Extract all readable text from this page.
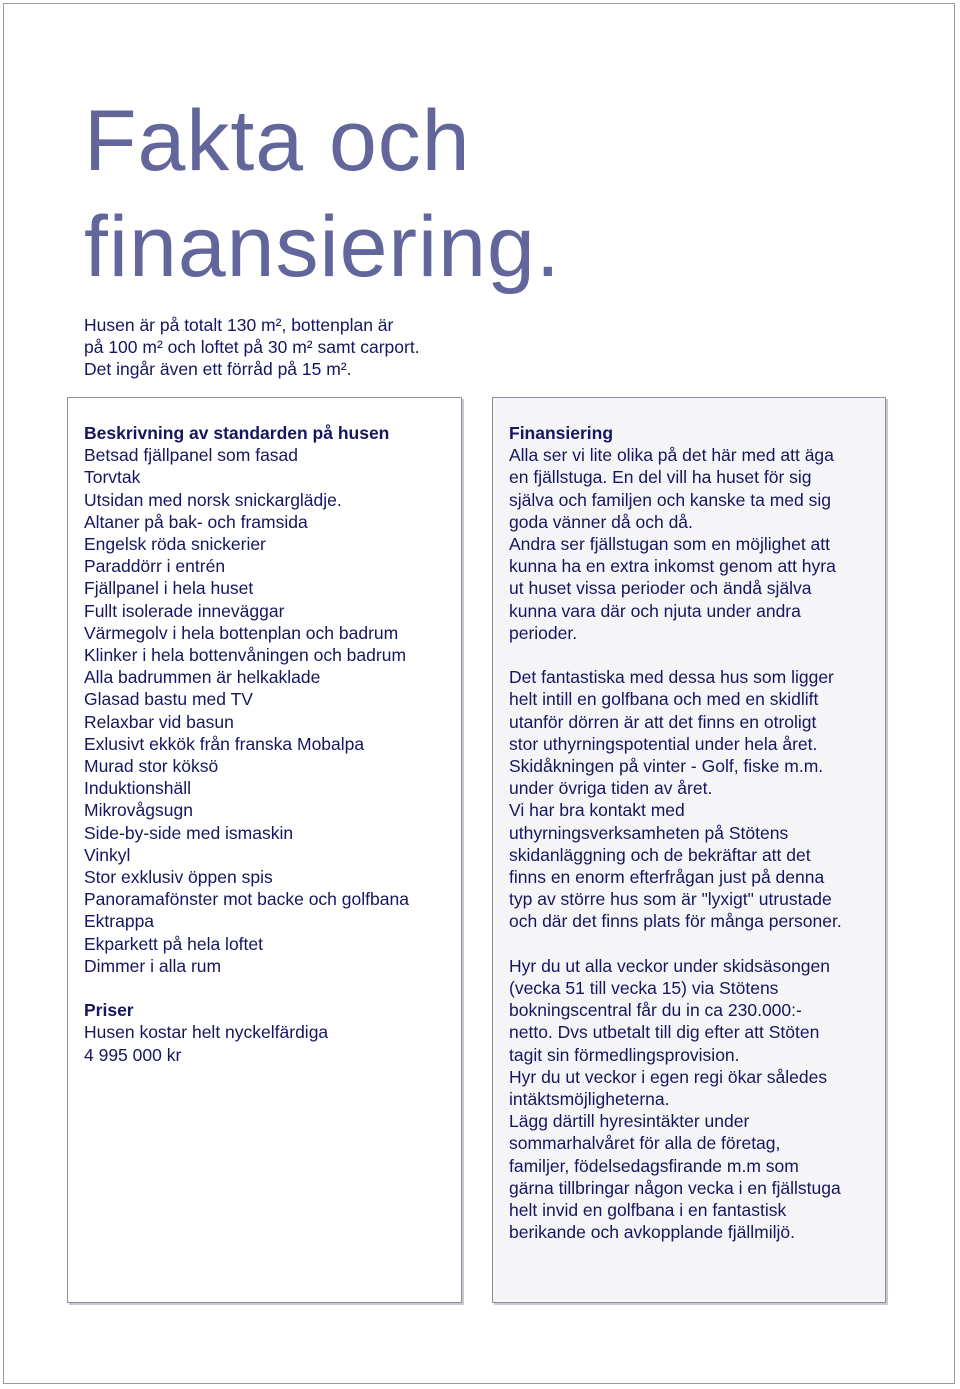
Fakta och
finansiering.
Husen är på totalt 130 m², bottenplan är
på 100 m² och loftet på 30 m² samt carport.
Det ingår även ett förråd på 15 m².
Beskrivning av standarden på husen
Betsad fjällpanel som fasad
Torvtak
Utsidan med norsk snickarglädje.
Altaner på bak- och framsida
Engelsk röda snickerier
Paraddörr i entrén
Fjällpanel i hela huset
Fullt isolerade inneväggar
Värmegolv i hela bottenplan och badrum
Klinker i hela bottenvåningen och badrum
Alla badrummen är helkaklade
Glasad bastu med TV
Relaxbar vid basun
Exlusivt ekkök från franska Mobalpa
Murad stor köksö
Induktionshäll
Mikrovågsugn
Side-by-side med ismaskin
Vinkyl
Stor exklusiv öppen spis
Panoramafönster mot backe och golfbana
Ektrappa
Ekparkett på hela loftet
Dimmer i alla rum
Priser
Husen kostar helt nyckelfärdiga
4 995 000 kr
Finansiering
Alla ser vi lite olika på det här med att äga
en fjällstuga. En del vill ha huset för sig
själva och familjen och kanske ta med sig
goda vänner då och då.
Andra ser fjällstugan som en möjlighet att
kunna ha en extra inkomst genom att hyra
ut huset vissa perioder och ändå själva
kunna vara där och njuta under andra
perioder.
Det fantastiska med dessa hus som ligger
helt intill en golfbana och med en skidlift
utanför dörren är att det finns en otroligt
stor uthyrningspotential under hela året.
Skidåkningen på vinter - Golf, fiske m.m.
under övriga tiden av året.
Vi har bra kontakt med
uthyrningsverksamheten på Stötens
skidanläggning och de bekräftar att det
finns en enorm efterfrågan just på denna
typ av större hus som är "lyxigt" utrustade
och där det finns plats för många personer.
Hyr du ut alla veckor under skidsäsongen
(vecka 51 till vecka 15) via Stötens
bokningscentral får du in ca 230.000:-
netto. Dvs utbetalt till dig efter att Stöten
tagit sin förmedlingsprovision.
Hyr du ut veckor i egen regi ökar således
intäktsmöjligheterna.
Lägg därtill hyresintäkter under
sommarhalvåret för alla de företag,
familjer, födelsedagsfirande m.m som
gärna tillbringar någon vecka i en fjällstuga
helt invid en golfbana i en fantastisk
berikande och avkopplande fjällmiljö.
